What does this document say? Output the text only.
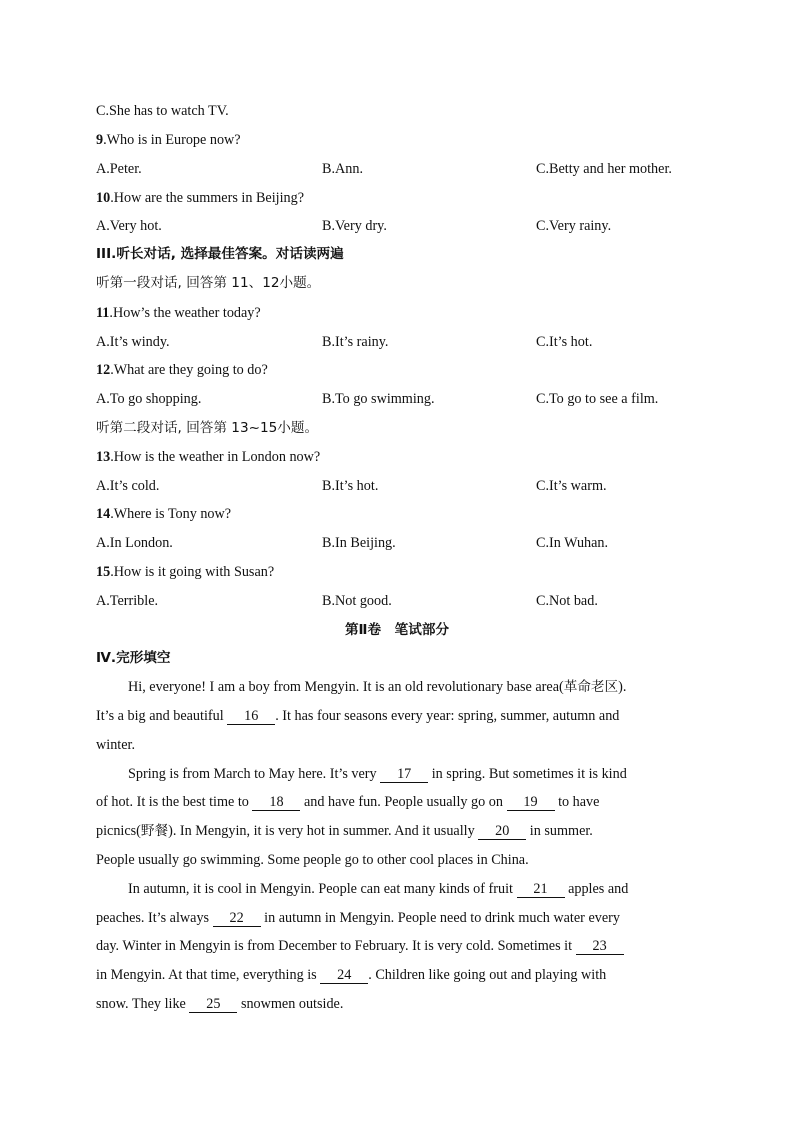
C.She has to watch TV.
9.Who is in Europe now?
A.Peter.	B.Ann.	C.Betty and her mother.
10.How are the summers in Beijing?
A.Very hot.	B.Very dry.	C.Very rainy.
III.听长对话, 选择最佳答案。对话读两遍
听第一段对话, 回答第 11、12小题。
11.How’s the weather today?
A.It’s windy.	B.It’s rainy.	C.It’s hot.
12.What are they going to do?
A.To go shopping.	B.To go swimming.	C.To go to see a film.
听第二段对话, 回答第 13~15小题。
13.How is the weather in London now?
A.It’s cold.	B.It’s hot.	C.It’s warm.
14.Where is Tony now?
A.In London.	B.In Beijing.	C.In Wuhan.
15.How is it going with Susan?
A.Terrible.	B.Not good.	C.Not bad.
第Ⅱ卷　笔试部分
Ⅳ.完形填空
Hi, everyone! I am a boy from Mengyin. It is an old revolutionary base area(革命老区).
It’s a big and beautiful 16 . It has four seasons every year: spring, summer, autumn and
winter.
Spring is from March to May here. It’s very 17 in spring. But sometimes it is kind
of hot. It is the best time to 18 and have fun. People usually go on 19 to have
picnics(野餐). In Mengyin, it is very hot in summer. And it usually 20 in summer.
People usually go swimming. Some people go to other cool places in China.
In autumn, it is cool in Mengyin. People can eat many kinds of fruit 21 apples and
peaches. It’s always 22 in autumn in Mengyin. People need to drink much water every
day. Winter in Mengyin is from December to February. It is very cold. Sometimes it 23
in Mengyin. At that time, everything is 24 . Children like going out and playing with
snow. They like 25 snowmen outside.
